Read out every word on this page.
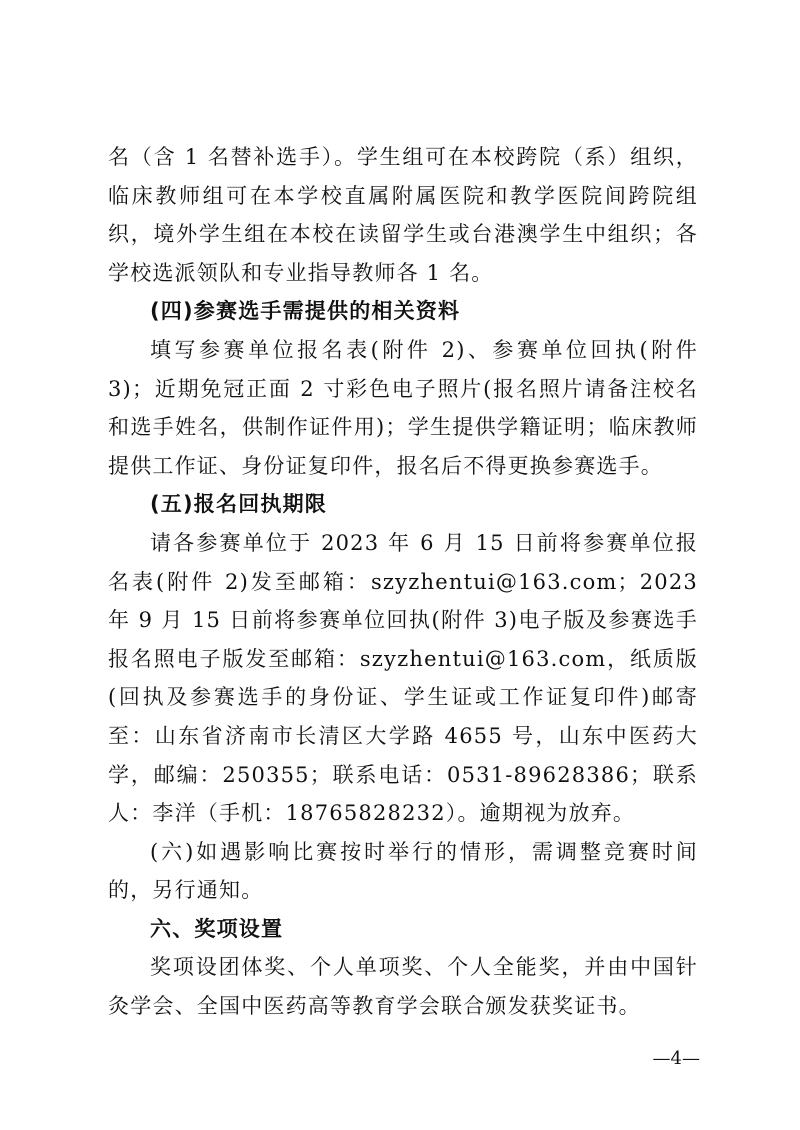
名（含 1 名替补选手）。学生组可在本校跨院（系）组织，临床教师组可在本学校直属附属医院和教学医院间跨院组织，境外学生组在本校在读留学生或台港澳学生中组织；各学校选派领队和专业指导教师各 1 名。

(四)参赛选手需提供的相关资料

填写参赛单位报名表(附件 2)、参赛单位回执(附件 3)；近期免冠正面 2 寸彩色电子照片(报名照片请备注校名和选手姓名，供制作证件用)；学生提供学籍证明；临床教师提供工作证、身份证复印件，报名后不得更换参赛选手。

(五)报名回执期限

请各参赛单位于 2023 年 6 月 15 日前将参赛单位报名表(附件 2)发至邮箱：szyzhentui@163.com；2023 年 9 月 15 日前将参赛单位回执(附件 3)电子版及参赛选手报名照电子版发至邮箱：szyzhentui@163.com，纸质版(回执及参赛选手的身份证、学生证或工作证复印件)邮寄至：山东省济南市长清区大学路 4655 号，山东中医药大学，邮编：250355；联系电话：0531-89628386；联系人：李洋（手机：18765828232）。逾期视为放弃。

(六)如遇影响比赛按时举行的情形，需调整竞赛时间的，另行通知。

六、奖项设置

奖项设团体奖、个人单项奖、个人全能奖，并由中国针灸学会、全国中医药高等教育学会联合颁发获奖证书。

—4—
